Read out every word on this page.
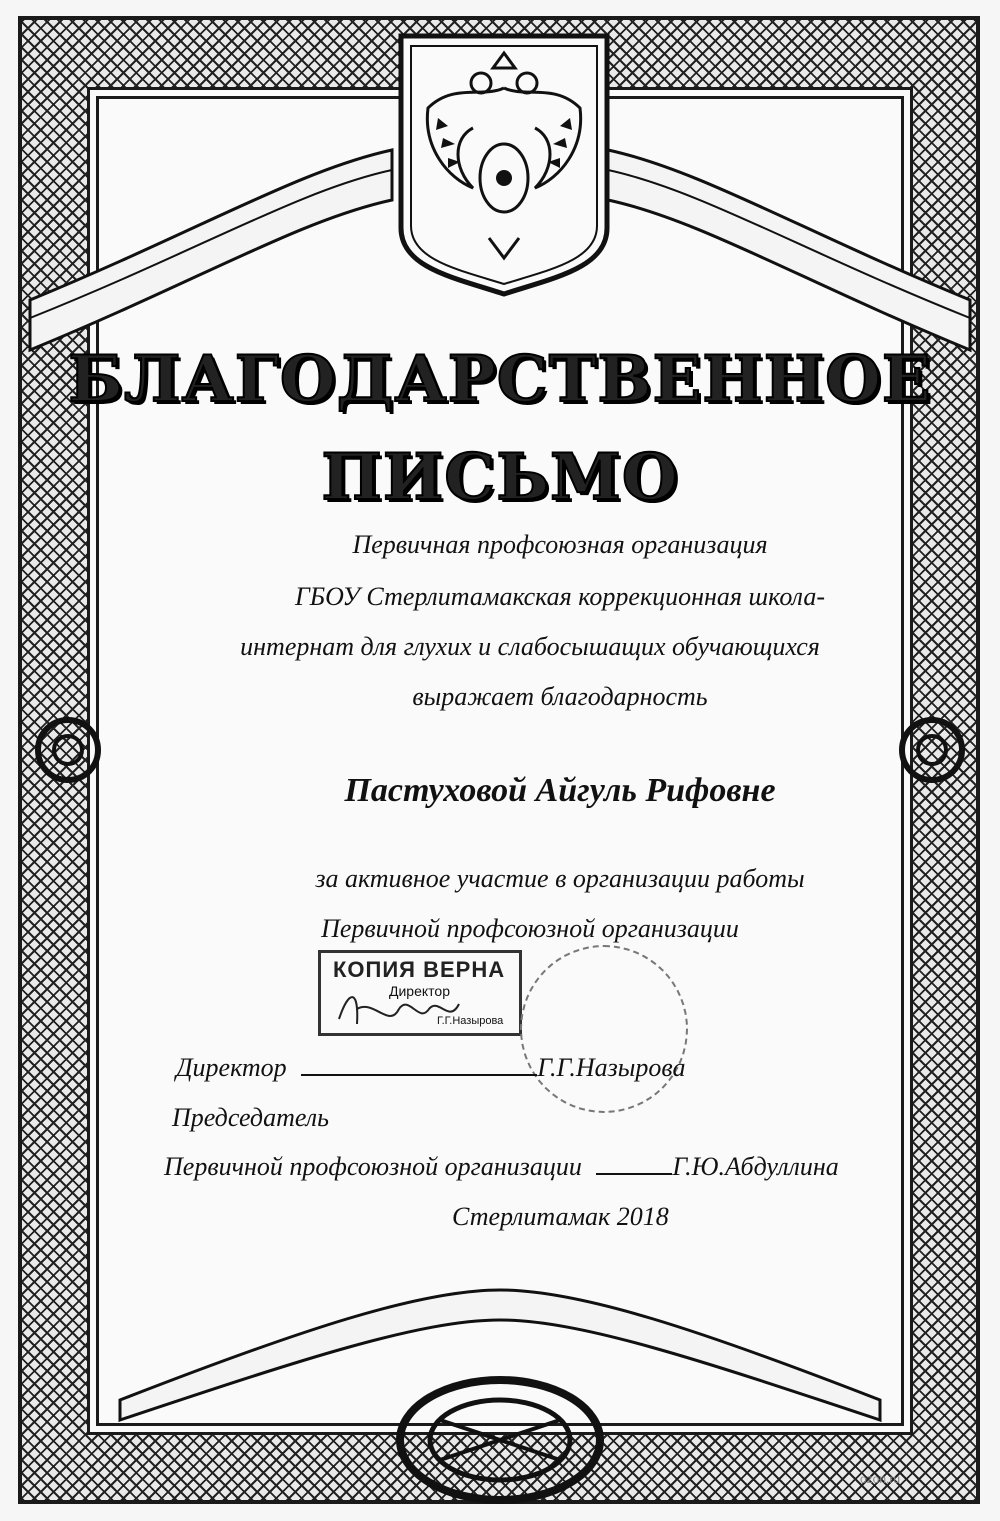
БЛАГОДАРСТВЕННОЕ
ПИСЬМО
Первичная профсоюзная организация
ГБОУ Стерлитамакская коррекционная школа-
интернат для глухих и слабосышащих обучающихся
выражает благодарность
Пастуховой Айгуль Рифовне
за активное участие в организации работы
Первичной профсоюзной организации
КОПИЯ ВЕРНА
Директор
Г.Г.Назырова
Директор	Г.Г.Назырова
Председатель
Первичной профсоюзной организации	Г.Ю.Абдуллина
Стерлитамак 2018
ozon.ru
